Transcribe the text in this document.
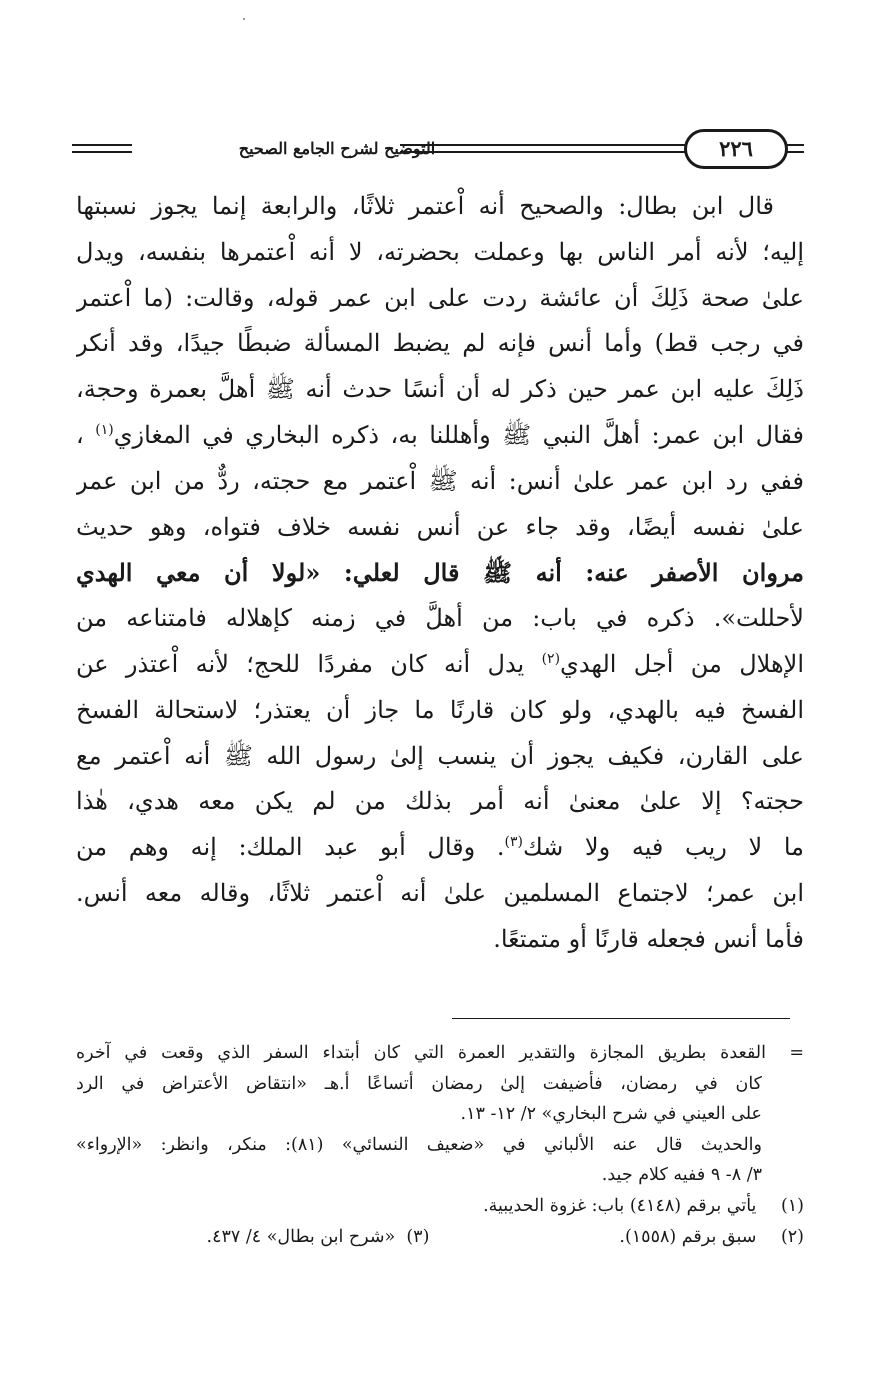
التوضيح لشرح الجامع الصحيح	٢٢٦
قال ابن بطال: والصحيح أنه اْعتمر ثلاثًا، والرابعة إنما يجوز نسبتها
إليه؛ لأنه أمر الناس بها وعملت بحضرته، لا أنه اْعتمرها بنفسه، ويدل
علىٰ صحة ذَلِكَ أن عائشة ردت على ابن عمر قوله، وقالت: (ما اْعتمر
في رجب قط) وأما أنس فإنه لم يضبط المسألة ضبطًا جيدًا، وقد أنكر
ذَلِكَ عليه ابن عمر حين ذكر له أن أنسًا حدث أنه ﷺ أهلَّ بعمرة وحجة،
فقال ابن عمر: أهلَّ النبي ﷺ وأهللنا به، ذكره البخاري في المغازي$^{(١)}$ ،
ففي رد ابن عمر علىٰ أنس: أنه ﷺ اْعتمر مع حجته، ردٌّ من ابن عمر
علىٰ نفسه أيضًا، وقد جاء عن أنس نفسه خلاف فتواه، وهو حديث
مروان الأصفر عنه: أنه ﷺ قال لعلي: «لولا أن معي الهدي
لأحللت». ذكره في باب: من أهلَّ في زمنه كإهلاله فامتناعه من
الإهلال من أجل الهدي$^{(٢)}$ يدل أنه كان مفردًا للحج؛ لأنه اْعتذر عن
الفسخ فيه بالهدي، ولو كان قارنًا ما جاز أن يعتذر؛ لاستحالة الفسخ
على القارن، فكيف يجوز أن ينسب إلىٰ رسول الله ﷺ أنه اْعتمر مع
حجته؟ إلا علىٰ معنىٰ أنه أمر بذلك من لم يكن معه هدي، هٰذا
ما لا ريب فيه ولا شك$^{(٣)}$. وقال أبو عبد الملك: إنه وهم من
ابن عمر؛ لاجتماع المسلمين علىٰ أنه اْعتمر ثلاثًا، وقاله معه أنس.
فأما أنس فجعله قارنًا أو متمتعًا.
=القعدة بطريق المجازة والتقدير العمرة التي كان أبتداء السفر الذي وقعت في آخره
كان في رمضان، فأضيفت إلىٰ رمضان أتساعًا أ.هـ «انتقاض الأعتراض في الرد
على العيني في شرح البخاري» ٢/ ١٢- ١٣.
والحديث قال عنه الألباني في «ضعيف النسائي» (٨١): منكر، وانظر: «الإرواء»
٣/ ٨- ٩ ففيه كلام جيد.
(١) يأتي برقم (٤١٤٨) باب: غزوة الحديبية.
(٢) سبق برقم (١٥٥٨).(٣)  «شرح ابن بطال» ٤/ ٤٣٧.
